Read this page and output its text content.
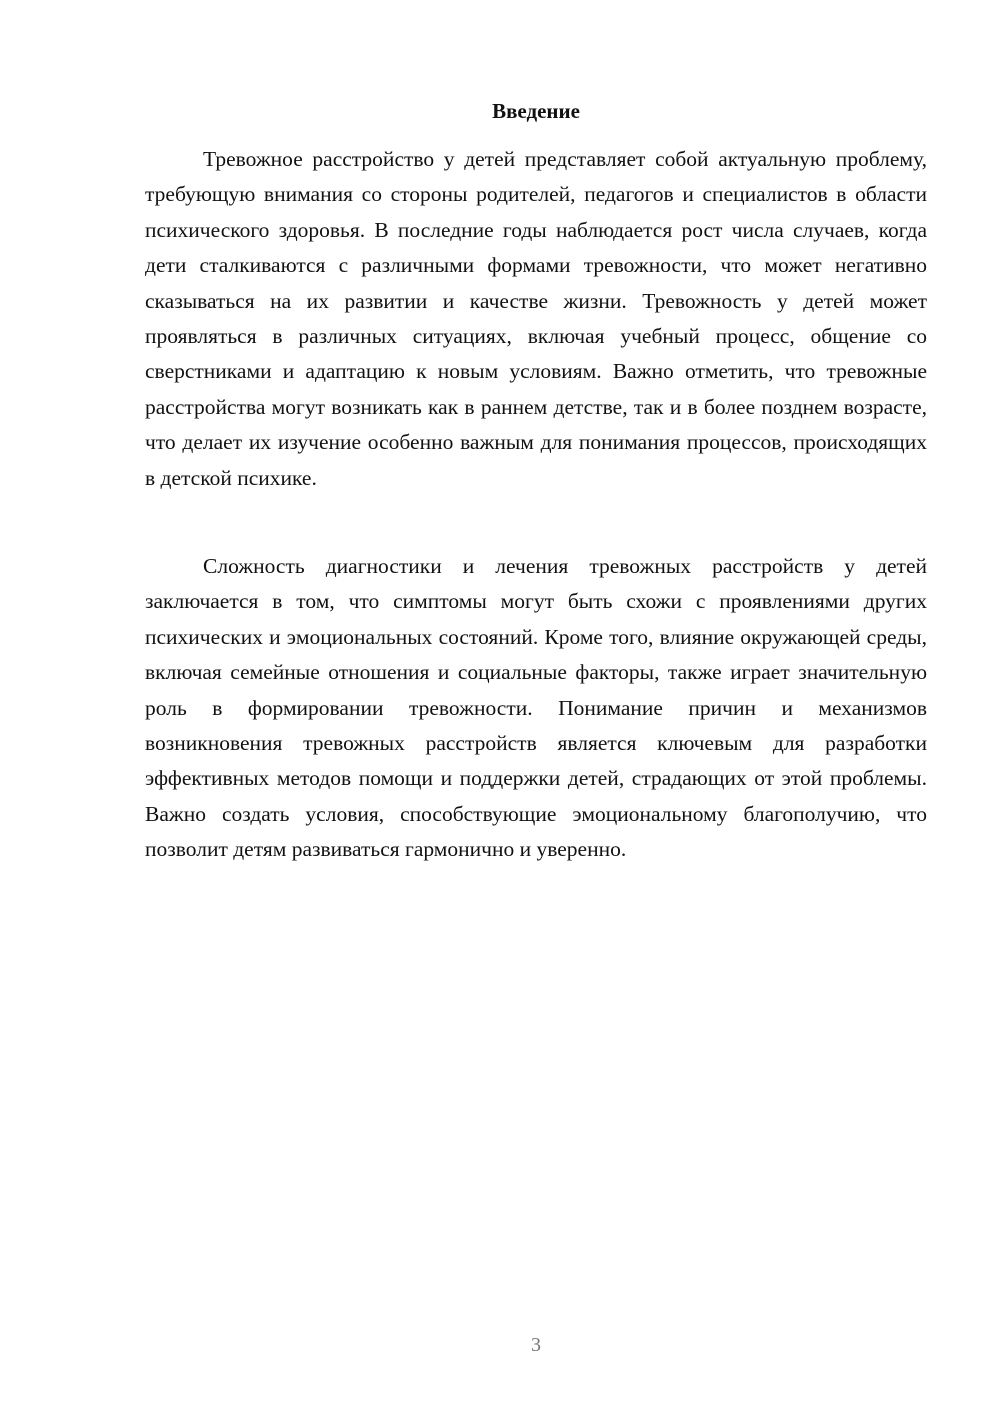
Введение

Тревожное расстройство у детей представляет собой актуальную проблему, требующую внимания со стороны родителей, педагогов и специалистов в области психического здоровья. В последние годы наблюдается рост числа случаев, когда дети сталкиваются с различными формами тревожности, что может негативно сказываться на их развитии и качестве жизни. Тревожность у детей может проявляться в различных ситуациях, включая учебный процесс, общение со сверстниками и адаптацию к новым условиям. Важно отметить, что тревожные расстройства могут возникать как в раннем детстве, так и в более позднем возрасте, что делает их изучение особенно важным для понимания процессов, происходящих в детской психике.

Сложность диагностики и лечения тревожных расстройств у детей заключается в том, что симптомы могут быть схожи с проявлениями других психических и эмоциональных состояний. Кроме того, влияние окружающей среды, включая семейные отношения и социальные факторы, также играет значительную роль в формировании тревожности. Понимание причин и механизмов возникновения тревожных расстройств является ключевым для разработки эффективных методов помощи и поддержки детей, страдающих от этой проблемы. Важно создать условия, способствующие эмоциональному благополучию, что позволит детям развиваться гармонично и уверенно.

3
